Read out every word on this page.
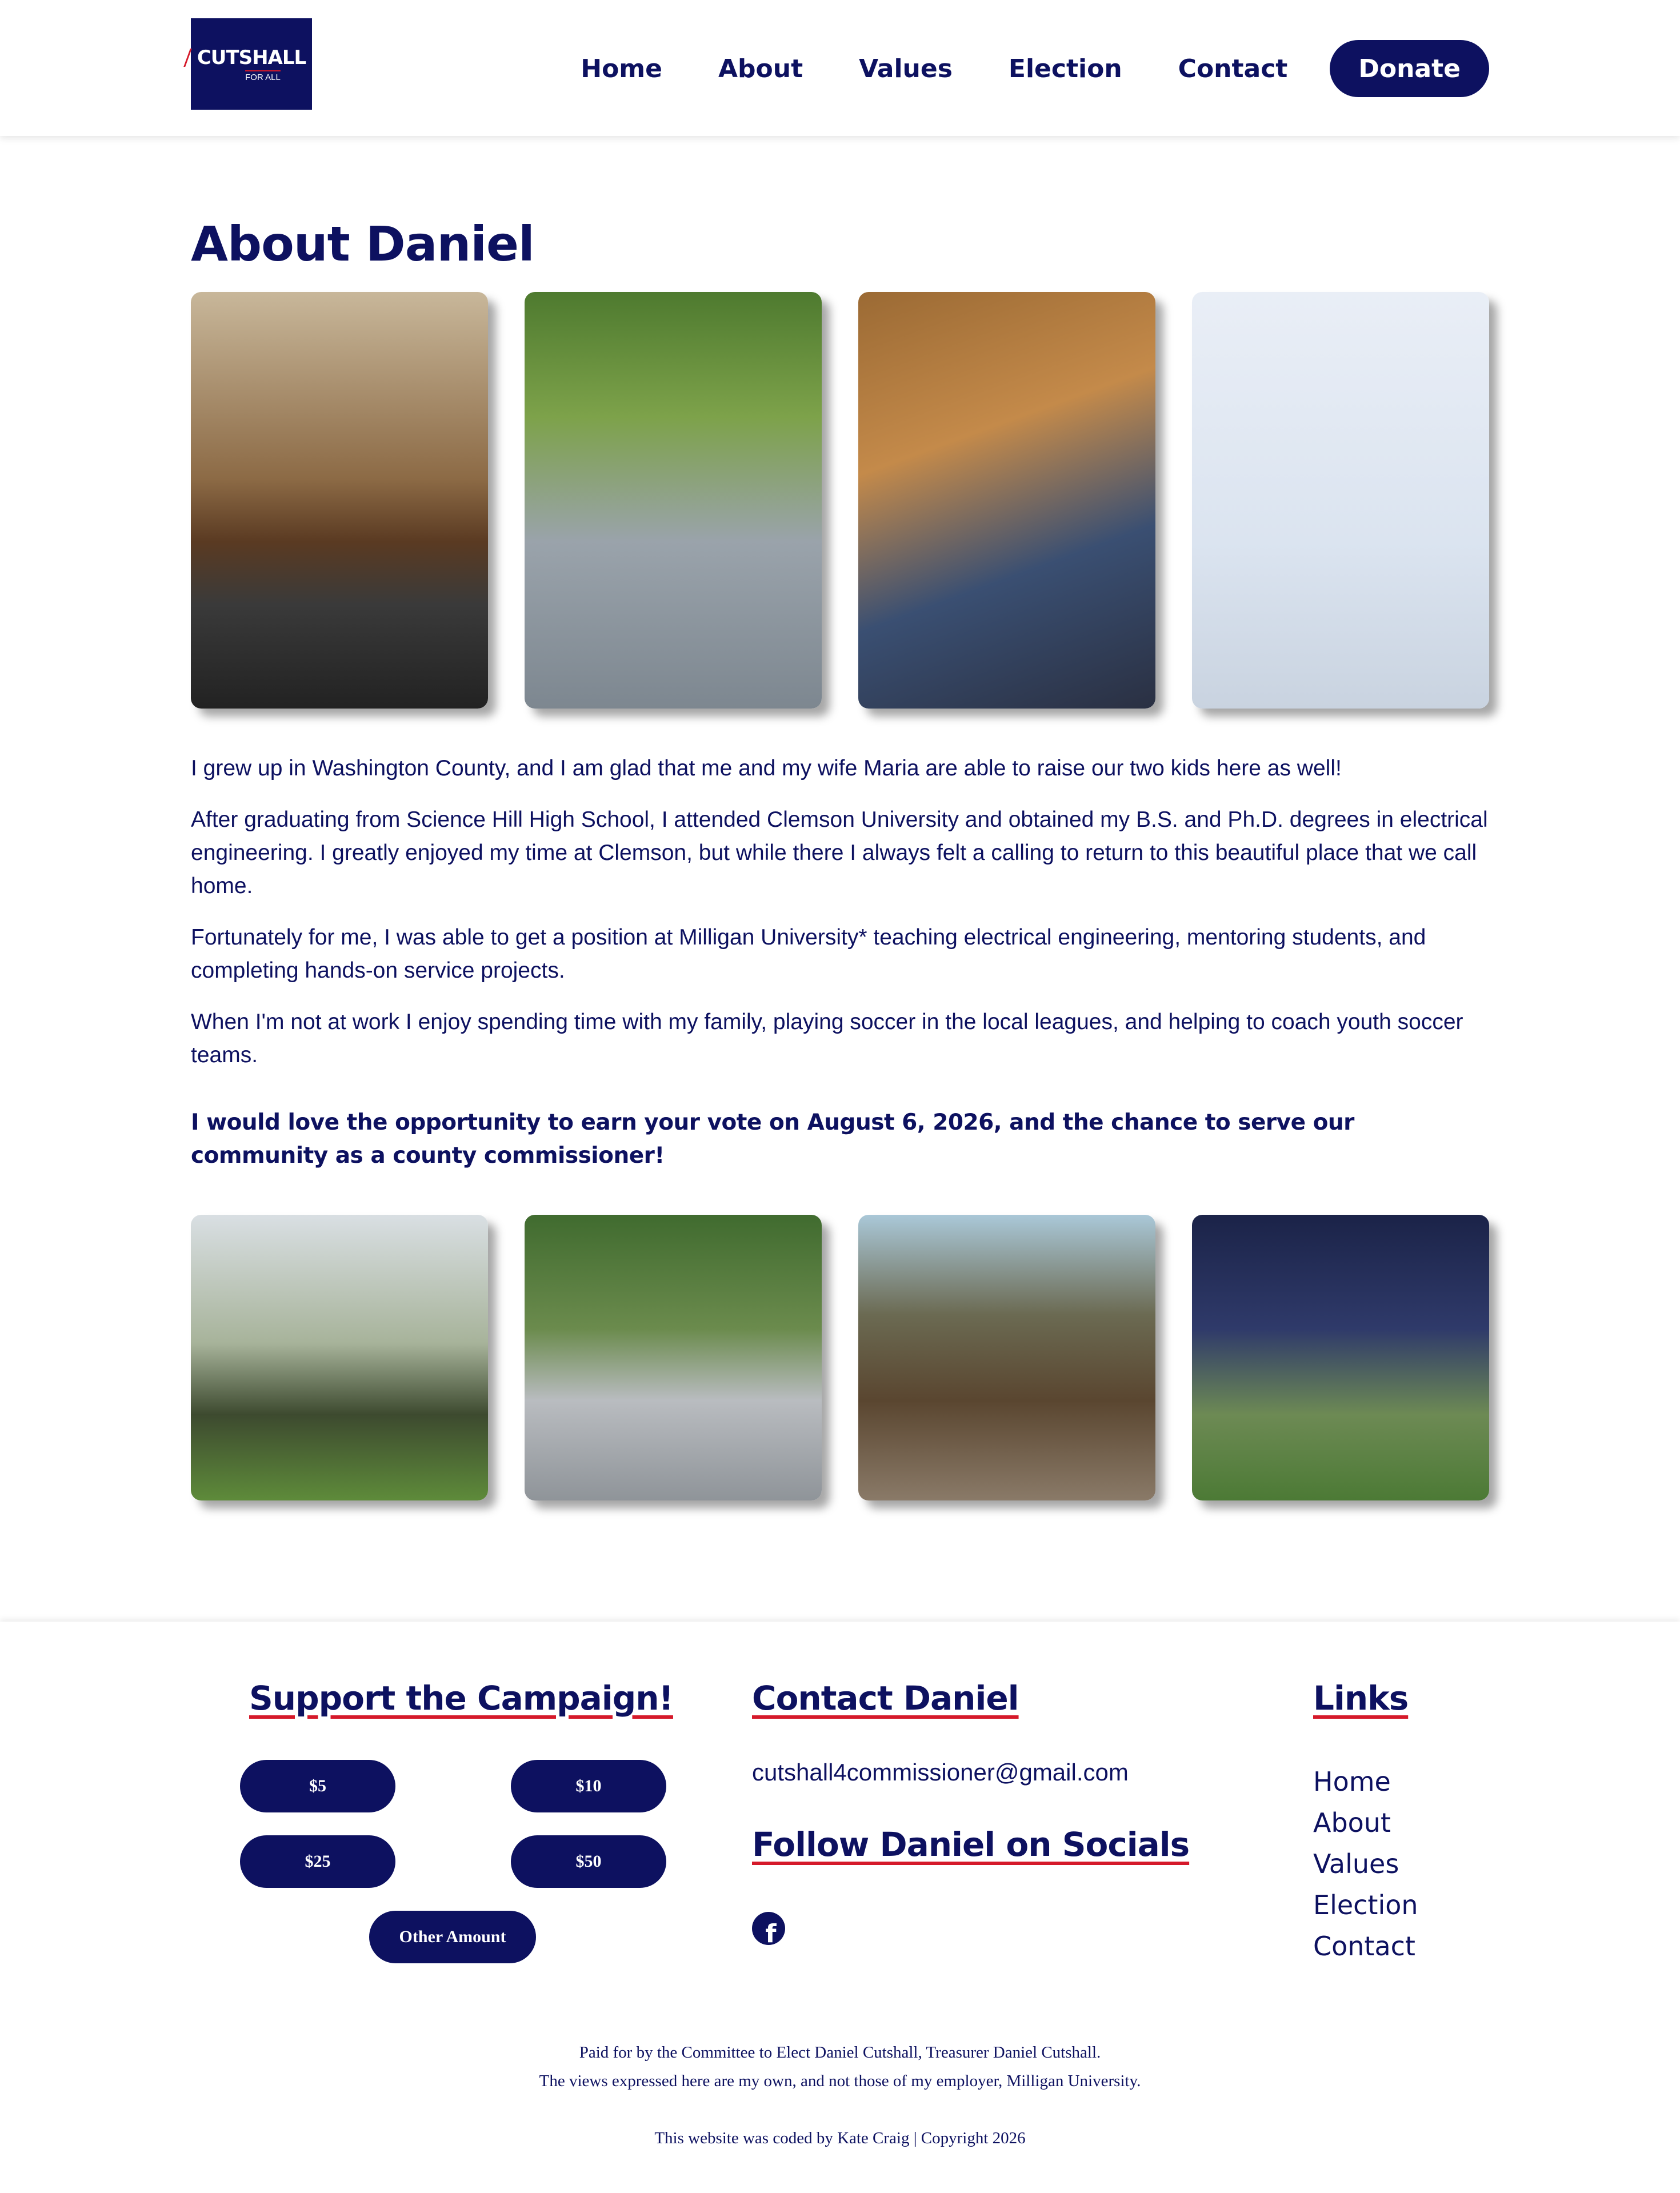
CUTSHALL
FOR ALL	Home About Values Election Contact	Donate
About Daniel

I grew up in Washington County, and I am glad that me and my wife Maria are able to raise our two kids here as well!

After graduating from Science Hill High School, I attended Clemson University and obtained my B.S. and Ph.D. degrees in electrical engineering. I greatly enjoyed my time at Clemson, but while there I always felt a calling to return to this beautiful place that we call home.

Fortunately for me, I was able to get a position at Milligan University* teaching electrical engineering, mentoring students, and completing hands-on service projects.

When I'm not at work I enjoy spending time with my family, playing soccer in the local leagues, and helping to coach youth soccer teams.

I would love the opportunity to earn your vote on August 6, 2026, and the chance to serve our community as a county commissioner!

Support the Campaign!
$5	$10
$25	$50
Other Amount
Contact Daniel
cutshall4commissioner@gmail.com
Follow Daniel on Socials
f
Links
Home
About
Values
Election
Contact

Paid for by the Committee to Elect Daniel Cutshall, Treasurer Daniel Cutshall.

The views expressed here are my own, and not those of my employer, Milligan University.

This website was coded by Kate Craig | Copyright 2026
